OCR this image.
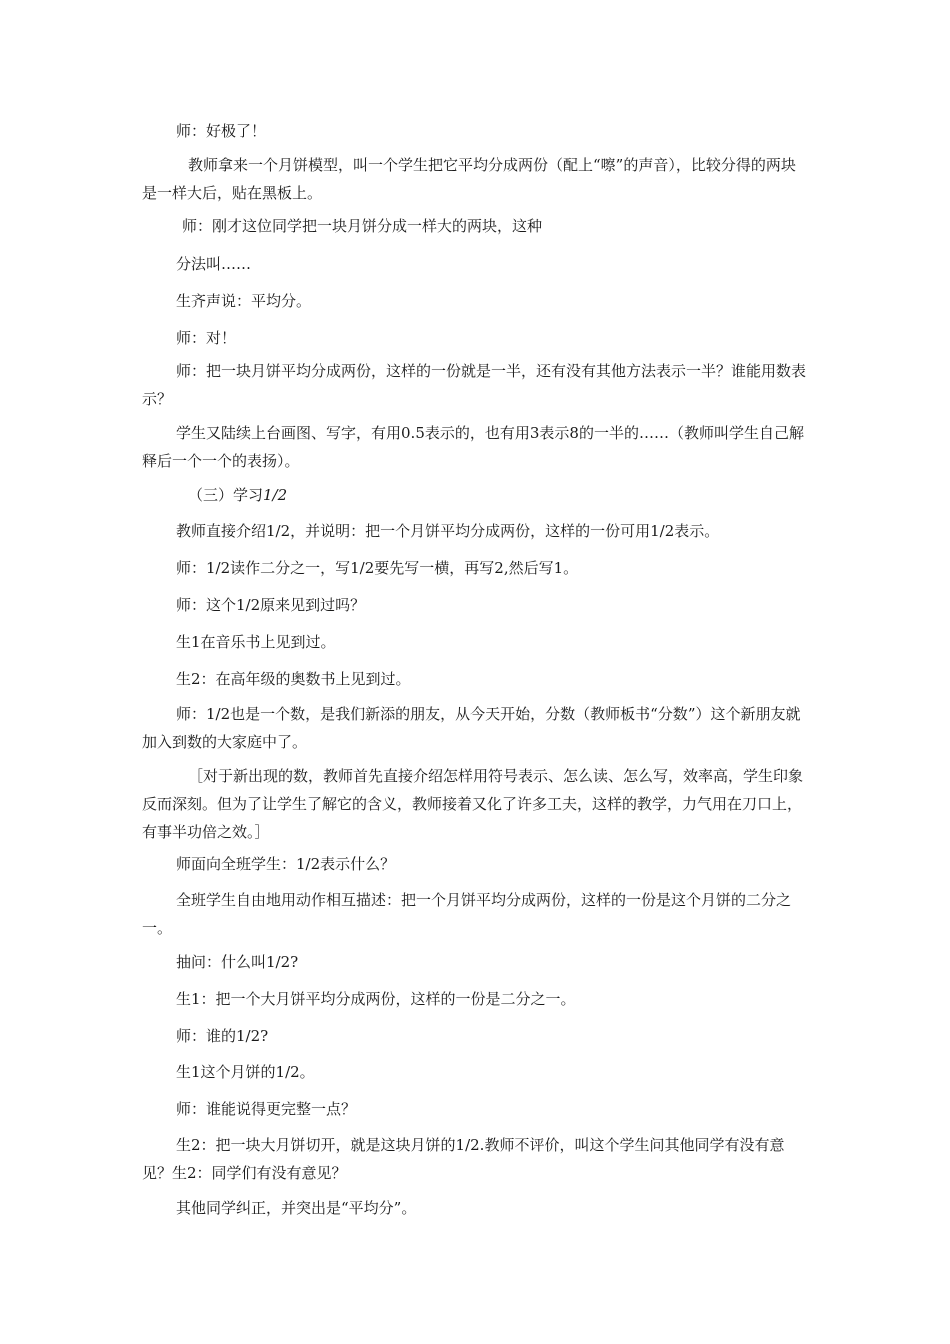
师：好极了！

教师拿来一个月饼模型，叫一个学生把它平均分成两份（配上“嚓”的声音），比较分得的两块是一样大后，贴在黑板上。

师：刚才这位同学把一块月饼分成一样大的两块，这种

分法叫……

生齐声说：平均分。

师：对！

师：把一块月饼平均分成两份，这样的一份就是一半，还有没有其他方法表示一半？谁能用数表示？

学生又陆续上台画图、写字，有用0.5表示的，也有用3表示8的一半的……（教师叫学生自己解释后一个一个的表扬）。

（三）学习1/2

教师直接介绍1/2，并说明：把一个月饼平均分成两份，这样的一份可用1/2表示。

师：1/2读作二分之一，写1/2要先写一横，再写2,然后写1。

师：这个1/2原来见到过吗？

生1在音乐书上见到过。

生2：在高年级的奥数书上见到过。

师：1/2也是一个数，是我们新添的朋友，从今天开始，分数（教师板书“分数”）这个新朋友就加入到数的大家庭中了。

［对于新出现的数，教师首先直接介绍怎样用符号表示、怎么读、怎么写，效率高，学生印象反而深刻。但为了让学生了解它的含义，教师接着又化了许多工夫，这样的教学，力气用在刀口上，有事半功倍之效。］

师面向全班学生：1/2表示什么？

全班学生自由地用动作相互描述：把一个月饼平均分成两份，这样的一份是这个月饼的二分之一。

抽问：什么叫1/2?

生1：把一个大月饼平均分成两份，这样的一份是二分之一。

师：谁的1/2?

生1这个月饼的1/2。

师：谁能说得更完整一点？

生2：把一块大月饼切开，就是这块月饼的1/2.教师不评价，叫这个学生问其他同学有没有意见？生2：同学们有没有意见？

其他同学纠正，并突出是“平均分”。
